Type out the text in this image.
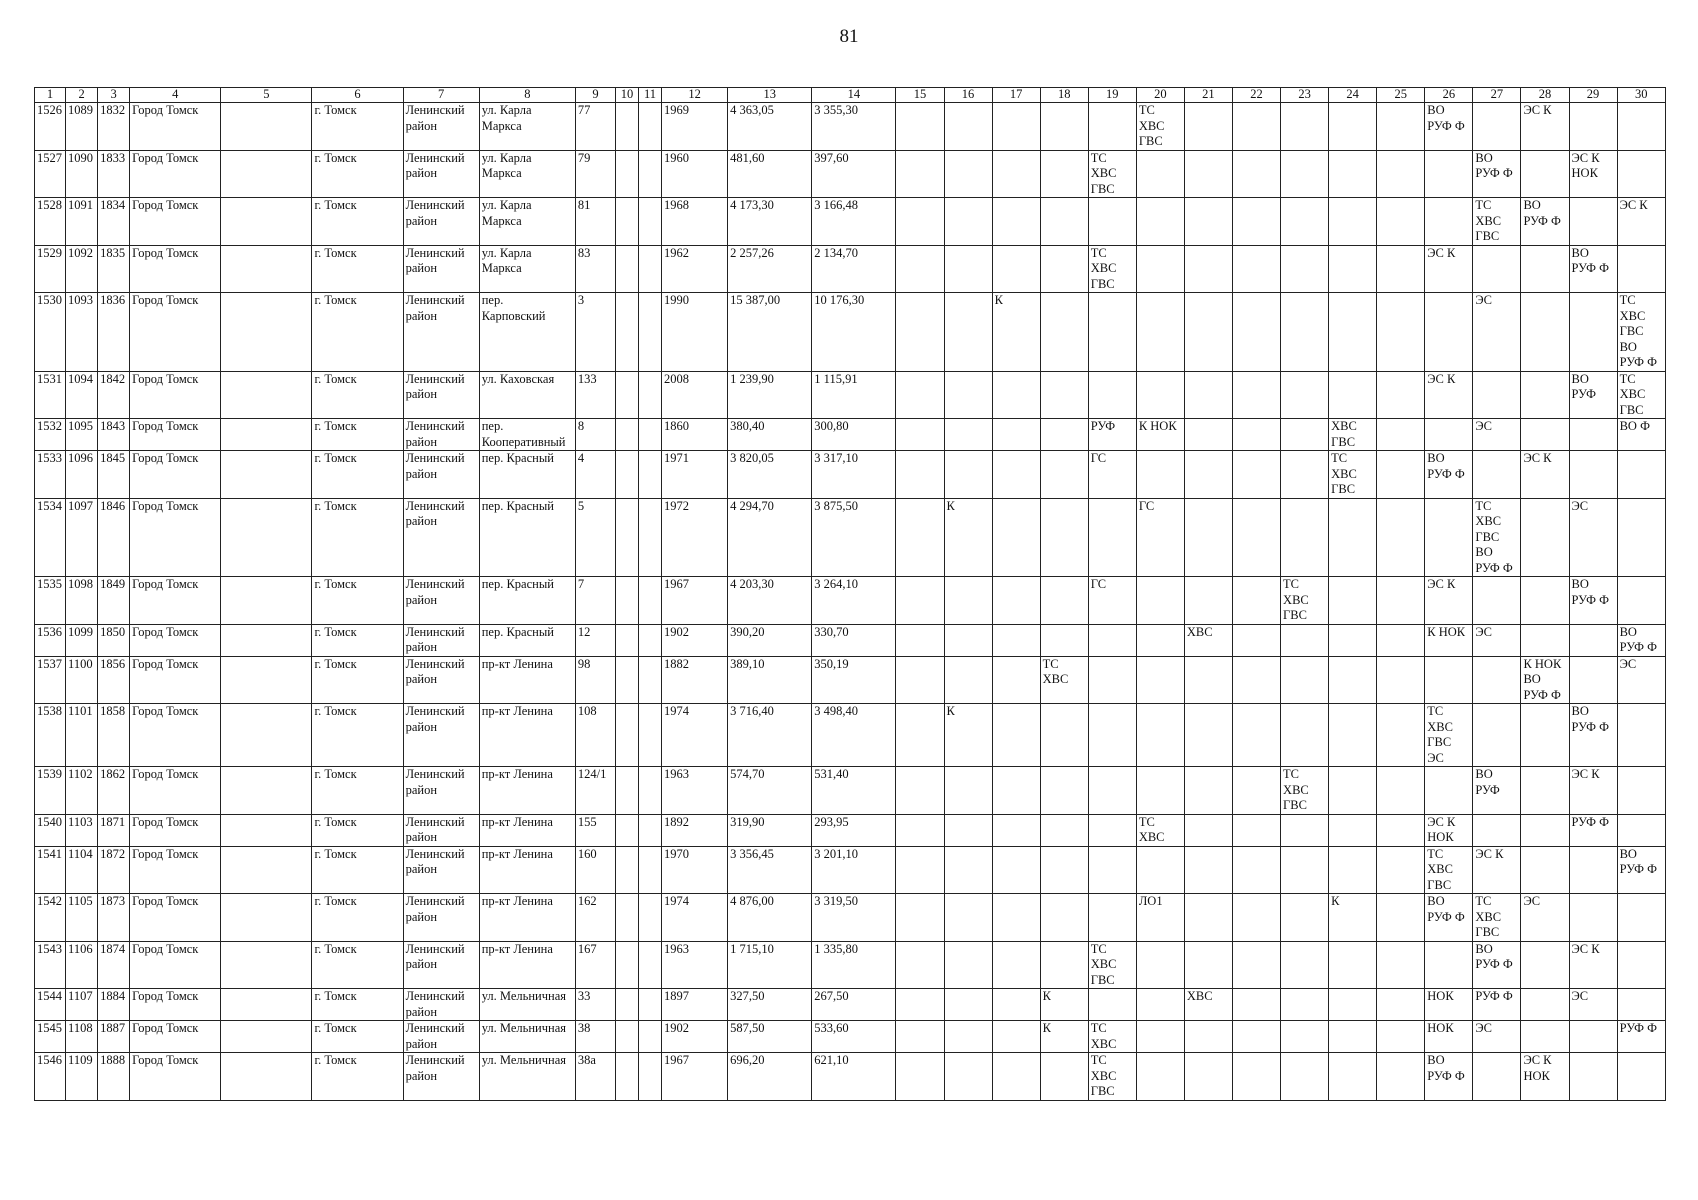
81
1	2	3	4	5	6	7	8	9	10	11	12	13	14	15	16	17	18	19	20	21	22	23	24	25	26	27	28	29	30
1526	1089	1832	Город Томск		г. Томск	Ленинский
район	ул. Карла
Маркса	77			1969	4 363,05	3 355,30						ТС
ХВС
ГВС						ВО
РУФ Ф		ЭС К		
1527	1090	1833	Город Томск		г. Томск	Ленинский
район	ул. Карла
Маркса	79			1960	481,60	397,60					ТС
ХВС
ГВС								ВО
РУФ Ф		ЭС К
НОК	
1528	1091	1834	Город Томск		г. Томск	Ленинский
район	ул. Карла
Маркса	81			1968	4 173,30	3 166,48													ТС
ХВС
ГВС	ВО
РУФ Ф		ЭС К
1529	1092	1835	Город Томск		г. Томск	Ленинский
район	ул. Карла
Маркса	83			1962	2 257,26	2 134,70					ТС
ХВС
ГВС							ЭС К			ВО
РУФ Ф	
1530	1093	1836	Город Томск		г. Томск	Ленинский
район	пер.
Карповский	3			1990	15 387,00	10 176,30			К										ЭС			ТС
ХВС
ГВС
ВО
РУФ Ф
1531	1094	1842	Город Томск		г. Томск	Ленинский
район	ул. Каховская	133			2008	1 239,90	1 115,91												ЭС К			ВО
РУФ	ТС
ХВС
ГВС
1532	1095	1843	Город Томск		г. Томск	Ленинский
район	пер.
Кооперативный	8			1860	380,40	300,80					РУФ	К НОК				ХВС
ГВС			ЭС			ВО Ф
1533	1096	1845	Город Томск		г. Томск	Ленинский
район	пер. Красный	4			1971	3 820,05	3 317,10					ГС					ТС
ХВС
ГВС		ВО
РУФ Ф		ЭС К		
1534	1097	1846	Город Томск		г. Томск	Ленинский
район	пер. Красный	5			1972	4 294,70	3 875,50		К				ГС							ТС
ХВС
ГВС
ВО
РУФ Ф		ЭС	
1535	1098	1849	Город Томск		г. Томск	Ленинский
район	пер. Красный	7			1967	4 203,30	3 264,10					ГС				ТС
ХВС
ГВС			ЭС К			ВО
РУФ Ф	
1536	1099	1850	Город Томск		г. Томск	Ленинский
район	пер. Красный	12			1902	390,20	330,70							ХВС					К НОК	ЭС			ВО
РУФ Ф
1537	1100	1856	Город Томск		г. Томск	Ленинский
район	пр-кт Ленина	98			1882	389,10	350,19				ТС
ХВС										К НОК
ВО
РУФ Ф		ЭС
1538	1101	1858	Город Томск		г. Томск	Ленинский
район	пр-кт Ленина	108			1974	3 716,40	3 498,40		К										ТС
ХВС
ГВС
ЭС			ВО
РУФ Ф	
1539	1102	1862	Город Томск		г. Томск	Ленинский
район	пр-кт Ленина	124/1			1963	574,70	531,40									ТС
ХВС
ГВС				ВО
РУФ		ЭС К	
1540	1103	1871	Город Томск		г. Томск	Ленинский
район	пр-кт Ленина	155			1892	319,90	293,95						ТС
ХВС						ЭС К
НОК			РУФ Ф	
1541	1104	1872	Город Томск		г. Томск	Ленинский
район	пр-кт Ленина	160			1970	3 356,45	3 201,10												ТС
ХВС
ГВС	ЭС К			ВО
РУФ Ф
1542	1105	1873	Город Томск		г. Томск	Ленинский
район	пр-кт Ленина	162			1974	4 876,00	3 319,50						ЛО1				К		ВО
РУФ Ф	ТС
ХВС
ГВС	ЭС		
1543	1106	1874	Город Томск		г. Томск	Ленинский
район	пр-кт Ленина	167			1963	1 715,10	1 335,80					ТС
ХВС
ГВС								ВО
РУФ Ф		ЭС К	
1544	1107	1884	Город Томск		г. Томск	Ленинский
район	ул. Мельничная	33			1897	327,50	267,50				К			ХВС					НОК	РУФ Ф		ЭС	
1545	1108	1887	Город Томск		г. Томск	Ленинский
район	ул. Мельничная	38			1902	587,50	533,60				К	ТС
ХВС							НОК	ЭС			РУФ Ф
1546	1109	1888	Город Томск		г. Томск	Ленинский
район	ул. Мельничная	38а			1967	696,20	621,10					ТС
ХВС
ГВС							ВО
РУФ Ф		ЭС К
НОК		
